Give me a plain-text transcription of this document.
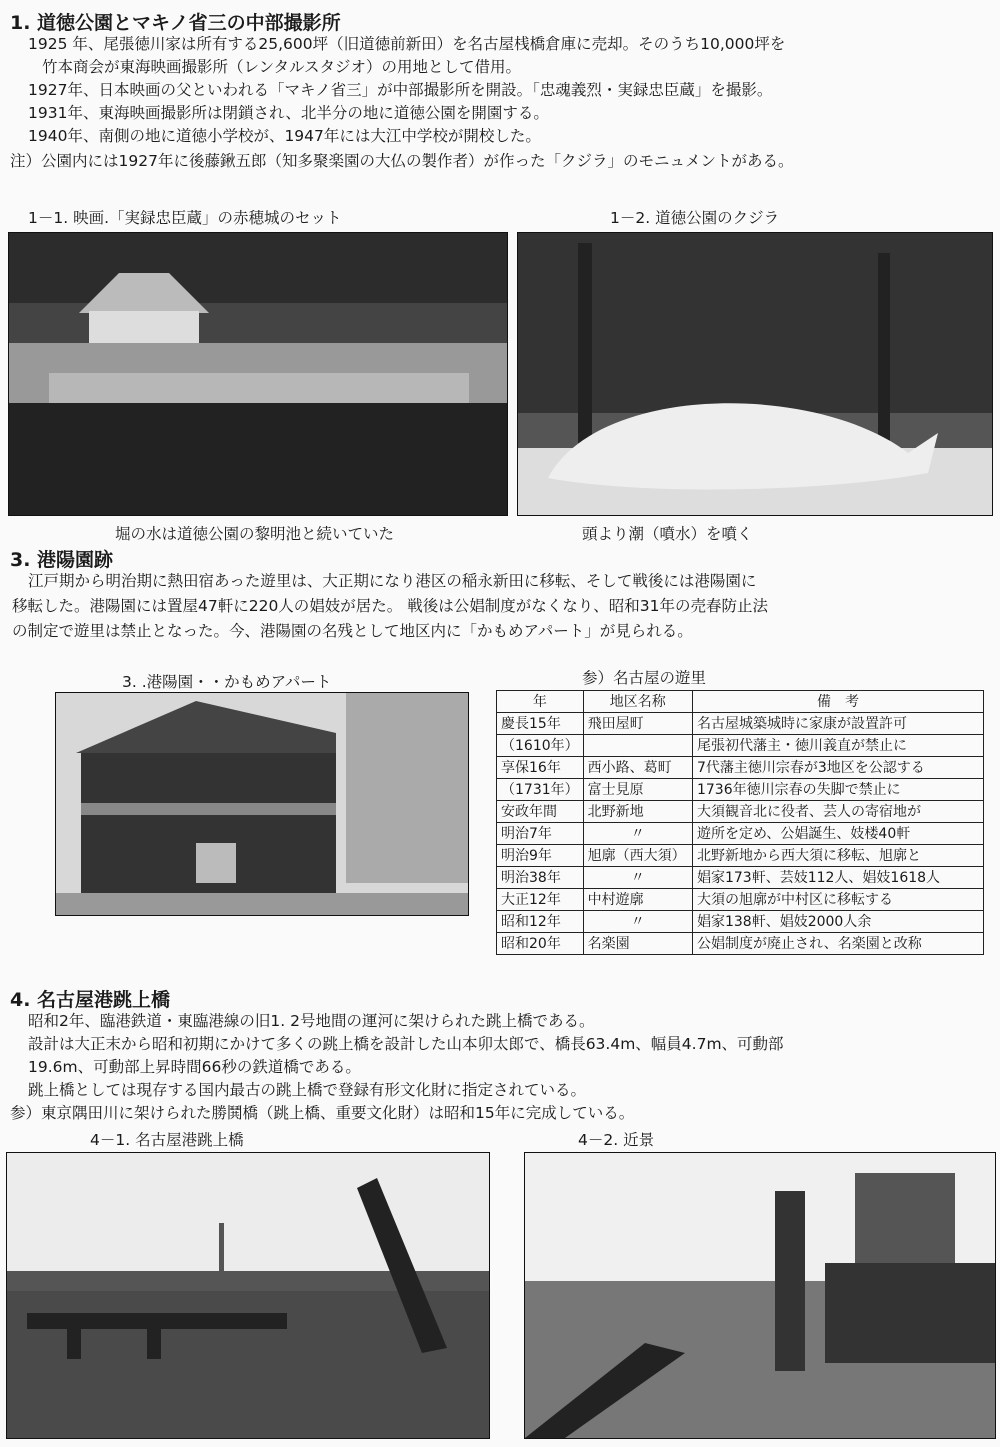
1. 道徳公園とマキノ省三の中部撮影所
1925 年、尾張徳川家は所有する25,600坪（旧道徳前新田）を名古屋桟橋倉庫に売却。そのうち10,000坪を
竹本商会が東海映画撮影所（レンタルスタジオ）の用地として借用。
1927年、日本映画の父といわれる「マキノ省三」が中部撮影所を開設。「忠魂義烈・実録忠臣蔵」を撮影。
1931年、東海映画撮影所は閉鎖され、北半分の地に道徳公園を開園する。
1940年、南側の地に道徳小学校が、1947年には大江中学校が開校した。
注）公園内には1927年に後藤鍬五郎（知多聚楽園の大仏の製作者）が作った「クジラ」のモニュメントがある。
1－1. 映画.「実録忠臣蔵」の赤穂城のセット	1－2. 道徳公園のクジラ
堀の水は道徳公園の黎明池と続いていた	頭より潮（噴水）を噴く
3. 港陽園跡
江戸期から明治期に熱田宿あった遊里は、大正期になり港区の稲永新田に移転、そして戦後には港陽園に
移転した。港陽園には置屋47軒に220人の娼妓が居た。 戦後は公娼制度がなくなり、昭和31年の売春防止法
の制定で遊里は禁止となった。今、港陽園の名残として地区内に「かもめアパート」が見られる。
3. .港陽園・・かもめアパート	参）名古屋の遊里
年	地区名称	備　考
慶長15年	飛田屋町	名古屋城築城時に家康が設置許可
（1610年）		尾張初代藩主・徳川義直が禁止に
享保16年	西小路、葛町	7代藩主徳川宗春が3地区を公認する
（1731年）	富士見原	1736年徳川宗春の失脚で禁止に
安政年間	北野新地	大須観音北に役者、芸人の寄宿地が
明治7年	〃	遊所を定め、公娼誕生、妓楼40軒
明治9年	旭廓（西大須）	北野新地から西大須に移転、旭廓と
明治38年	〃	娼家173軒、芸妓112人、娼妓1618人
大正12年	中村遊廓	大須の旭廓が中村区に移転する
昭和12年	〃	娼家138軒、娼妓2000人余
昭和20年	名楽園	公娼制度が廃止され、名楽園と改称
4. 名古屋港跳上橋
昭和2年、臨港鉄道・東臨港線の旧1. 2号地間の運河に架けられた跳上橋である。
設計は大正末から昭和初期にかけて多くの跳上橋を設計した山本卯太郎で、橋長63.4m、幅員4.7m、可動部
19.6m、可動部上昇時間66秒の鉄道橋である。
跳上橋としては現存する国内最古の跳上橋で登録有形文化財に指定されている。
参）東京隅田川に架けられた勝鬨橋（跳上橋、重要文化財）は昭和15年に完成している。
4－1. 名古屋港跳上橋	4－2. 近景
